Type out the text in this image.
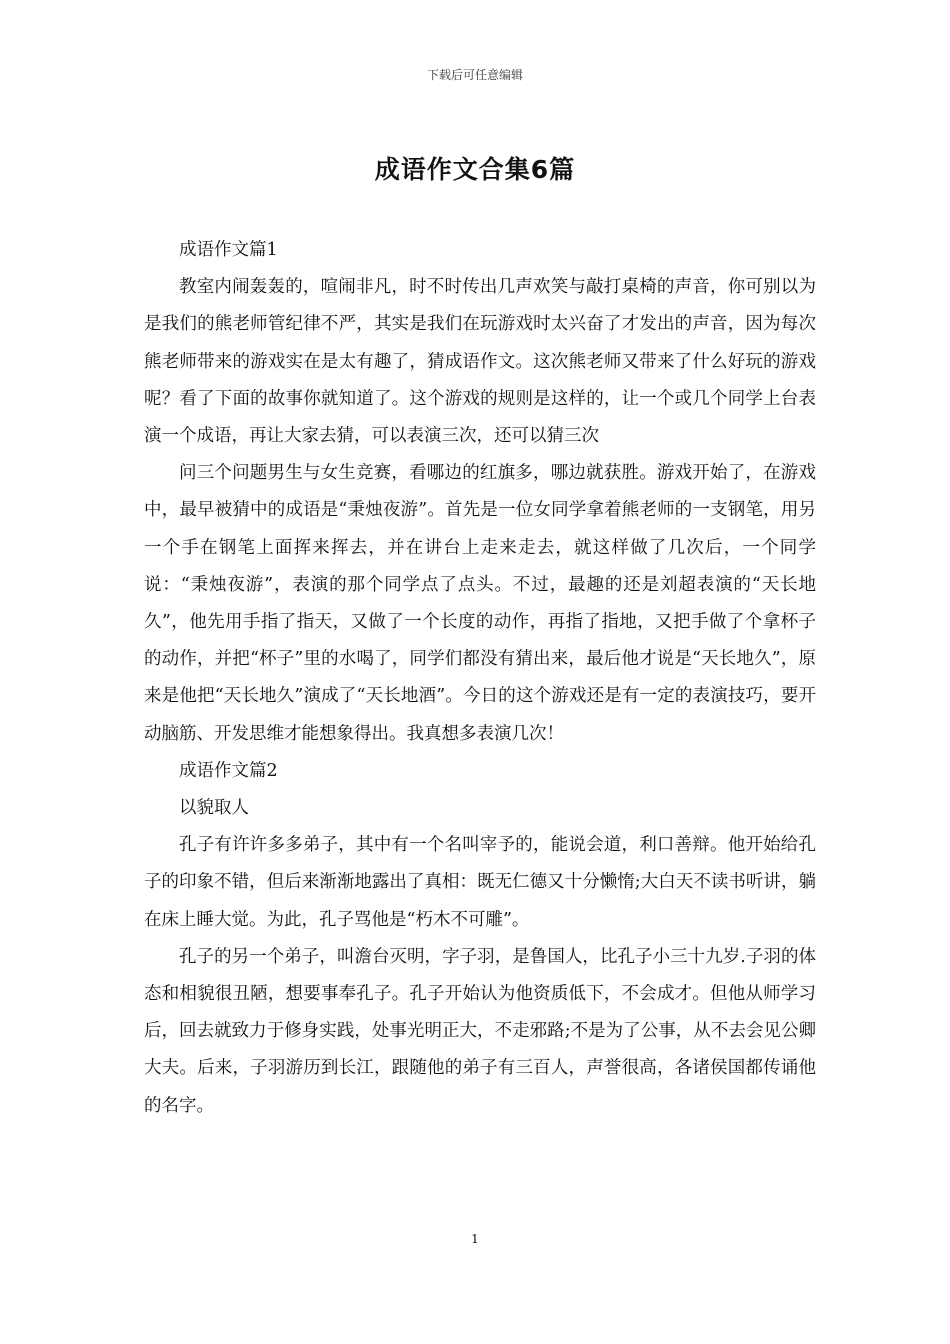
下载后可任意编辑
成语作文合集6篇

成语作文篇1

教室内闹轰轰的，喧闹非凡，时不时传出几声欢笑与敲打桌椅的声音，你可别以为是我们的熊老师管纪律不严，其实是我们在玩游戏时太兴奋了才发出的声音，因为每次熊老师带来的游戏实在是太有趣了，猜成语作文。这次熊老师又带来了什么好玩的游戏呢？看了下面的故事你就知道了。这个游戏的规则是这样的，让一个或几个同学上台表演一个成语，再让大家去猜，可以表演三次，还可以猜三次

问三个问题男生与女生竞赛，看哪边的红旗多，哪边就获胜。游戏开始了，在游戏中，最早被猜中的成语是“秉烛夜游”。首先是一位女同学拿着熊老师的一支钢笔，用另一个手在钢笔上面挥来挥去，并在讲台上走来走去，就这样做了几次后，一个同学说：“秉烛夜游”，表演的那个同学点了点头。不过，最趣的还是刘超表演的“天长地久”，他先用手指了指天，又做了一个长度的动作，再指了指地，又把手做了个拿杯子的动作，并把“杯子”里的水喝了，同学们都没有猜出来，最后他才说是“天长地久”，原来是他把“天长地久”演成了“天长地酒”。今日的这个游戏还是有一定的表演技巧，要开动脑筋、开发思维才能想象得出。我真想多表演几次！

成语作文篇2

以貌取人

孔子有许许多多弟子，其中有一个名叫宰予的，能说会道，利口善辩。他开始给孔子的印象不错，但后来渐渐地露出了真相：既无仁德又十分懒惰;大白天不读书听讲，躺在床上睡大觉。为此，孔子骂他是“朽木不可雕”。

孔子的另一个弟子，叫澹台灭明，字子羽，是鲁国人，比孔子小三十九岁.子羽的体态和相貌很丑陋，想要事奉孔子。孔子开始认为他资质低下，不会成才。但他从师学习后，回去就致力于修身实践，处事光明正大，不走邪路;不是为了公事，从不去会见公卿大夫。后来，子羽游历到长江，跟随他的弟子有三百人，声誉很高，各诸侯国都传诵他的名字。

1
